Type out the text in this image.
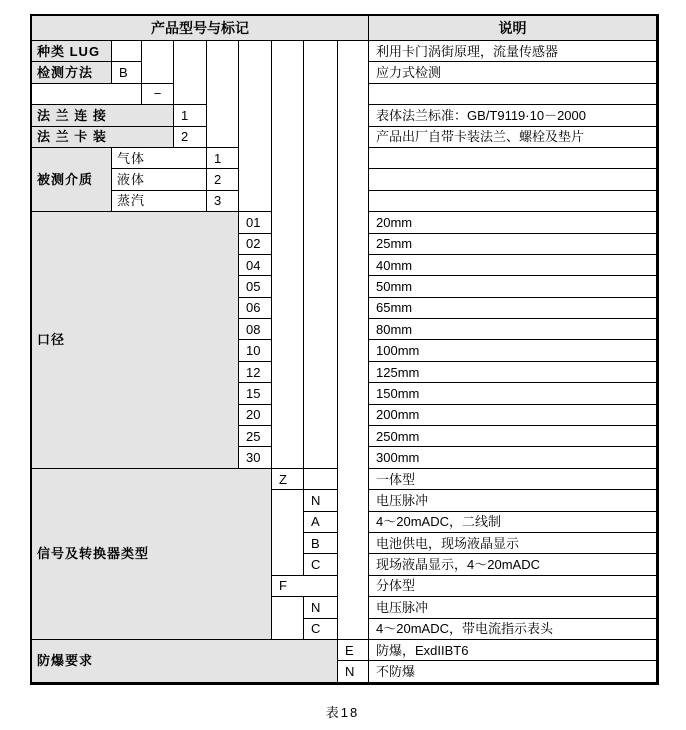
产品型号与标记	说明
种类 LUG	利用卡门涡街原理，流量传感器
检测方法	B	应力式检测
−
法 兰 连 接	1	表体法兰标准：GB/T9119·10－2000
法 兰 卡 装	2	产品出厂自带卡装法兰、螺栓及垫片
被测介质
气体	1
液体	2
蒸汽	3
口径
01	20mm
02	25mm
04	40mm
05	50mm
06	65mm
08	80mm
10	100mm
12	125mm
15	150mm
20	200mm
25	250mm
30	300mm
信号及转换器类型
Z	一体型
N	电压脉冲
A	4～20mADC，二线制
B	电池供电，现场液晶显示
C	现场液晶显示，4～20mADC
F	分体型
N	电压脉冲
C	4～20mADC，带电流指示表头
防爆要求
E	防爆，ExdIIBT6
N	不防爆
表18
